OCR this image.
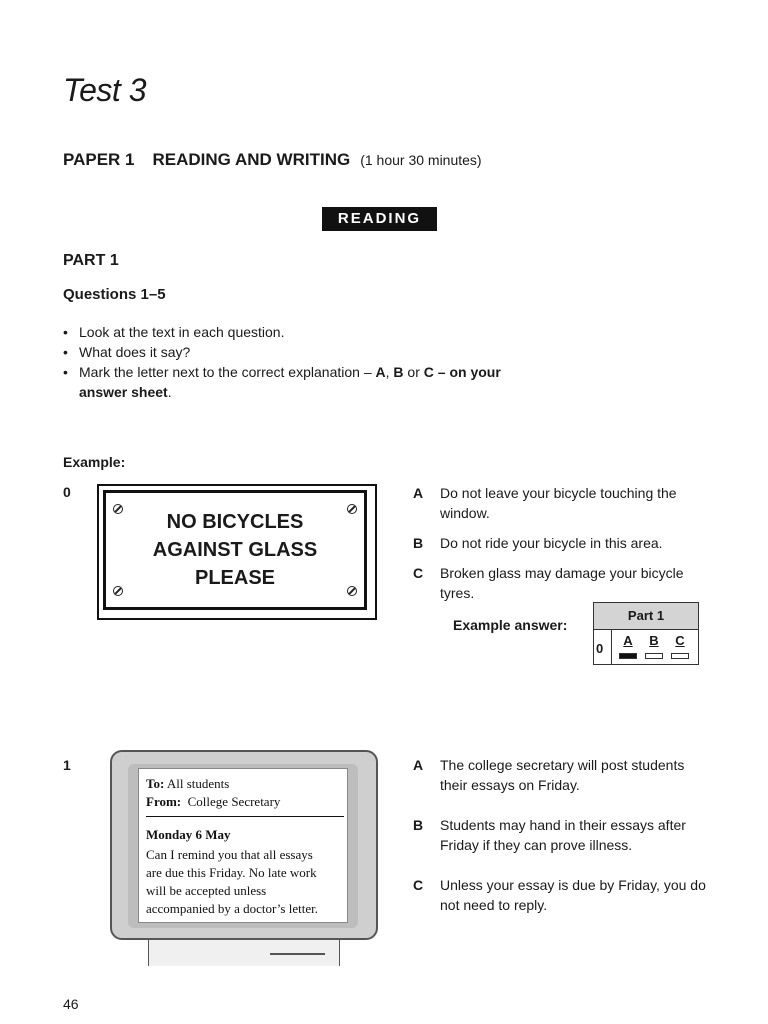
Test 3
PAPER 1 READING AND WRITING (1 hour 30 minutes)
READING
PART 1
Questions 1–5
• Look at the text in each question.
• What does it say?
• Mark the letter next to the correct explanation – A, B or C – on your
answer sheet.
Example:
0
NO BICYCLES
AGAINST GLASS
PLEASE
A Do not leave your bicycle touching the window.
B Do not ride your bicycle in this area.
C Broken glass may damage your bicycle tyres.
Example answer:
Part 1
0
A	B	C
1
To: All students
From: College Secretary
Monday 6 May
Can I remind you that all essays
are due this Friday. No late work
will be accepted unless
accompanied by a doctor’s letter.
A The college secretary will post students their essays on Friday.
B Students may hand in their essays after Friday if they can prove illness.
C Unless your essay is due by Friday, you do not need to reply.
46
